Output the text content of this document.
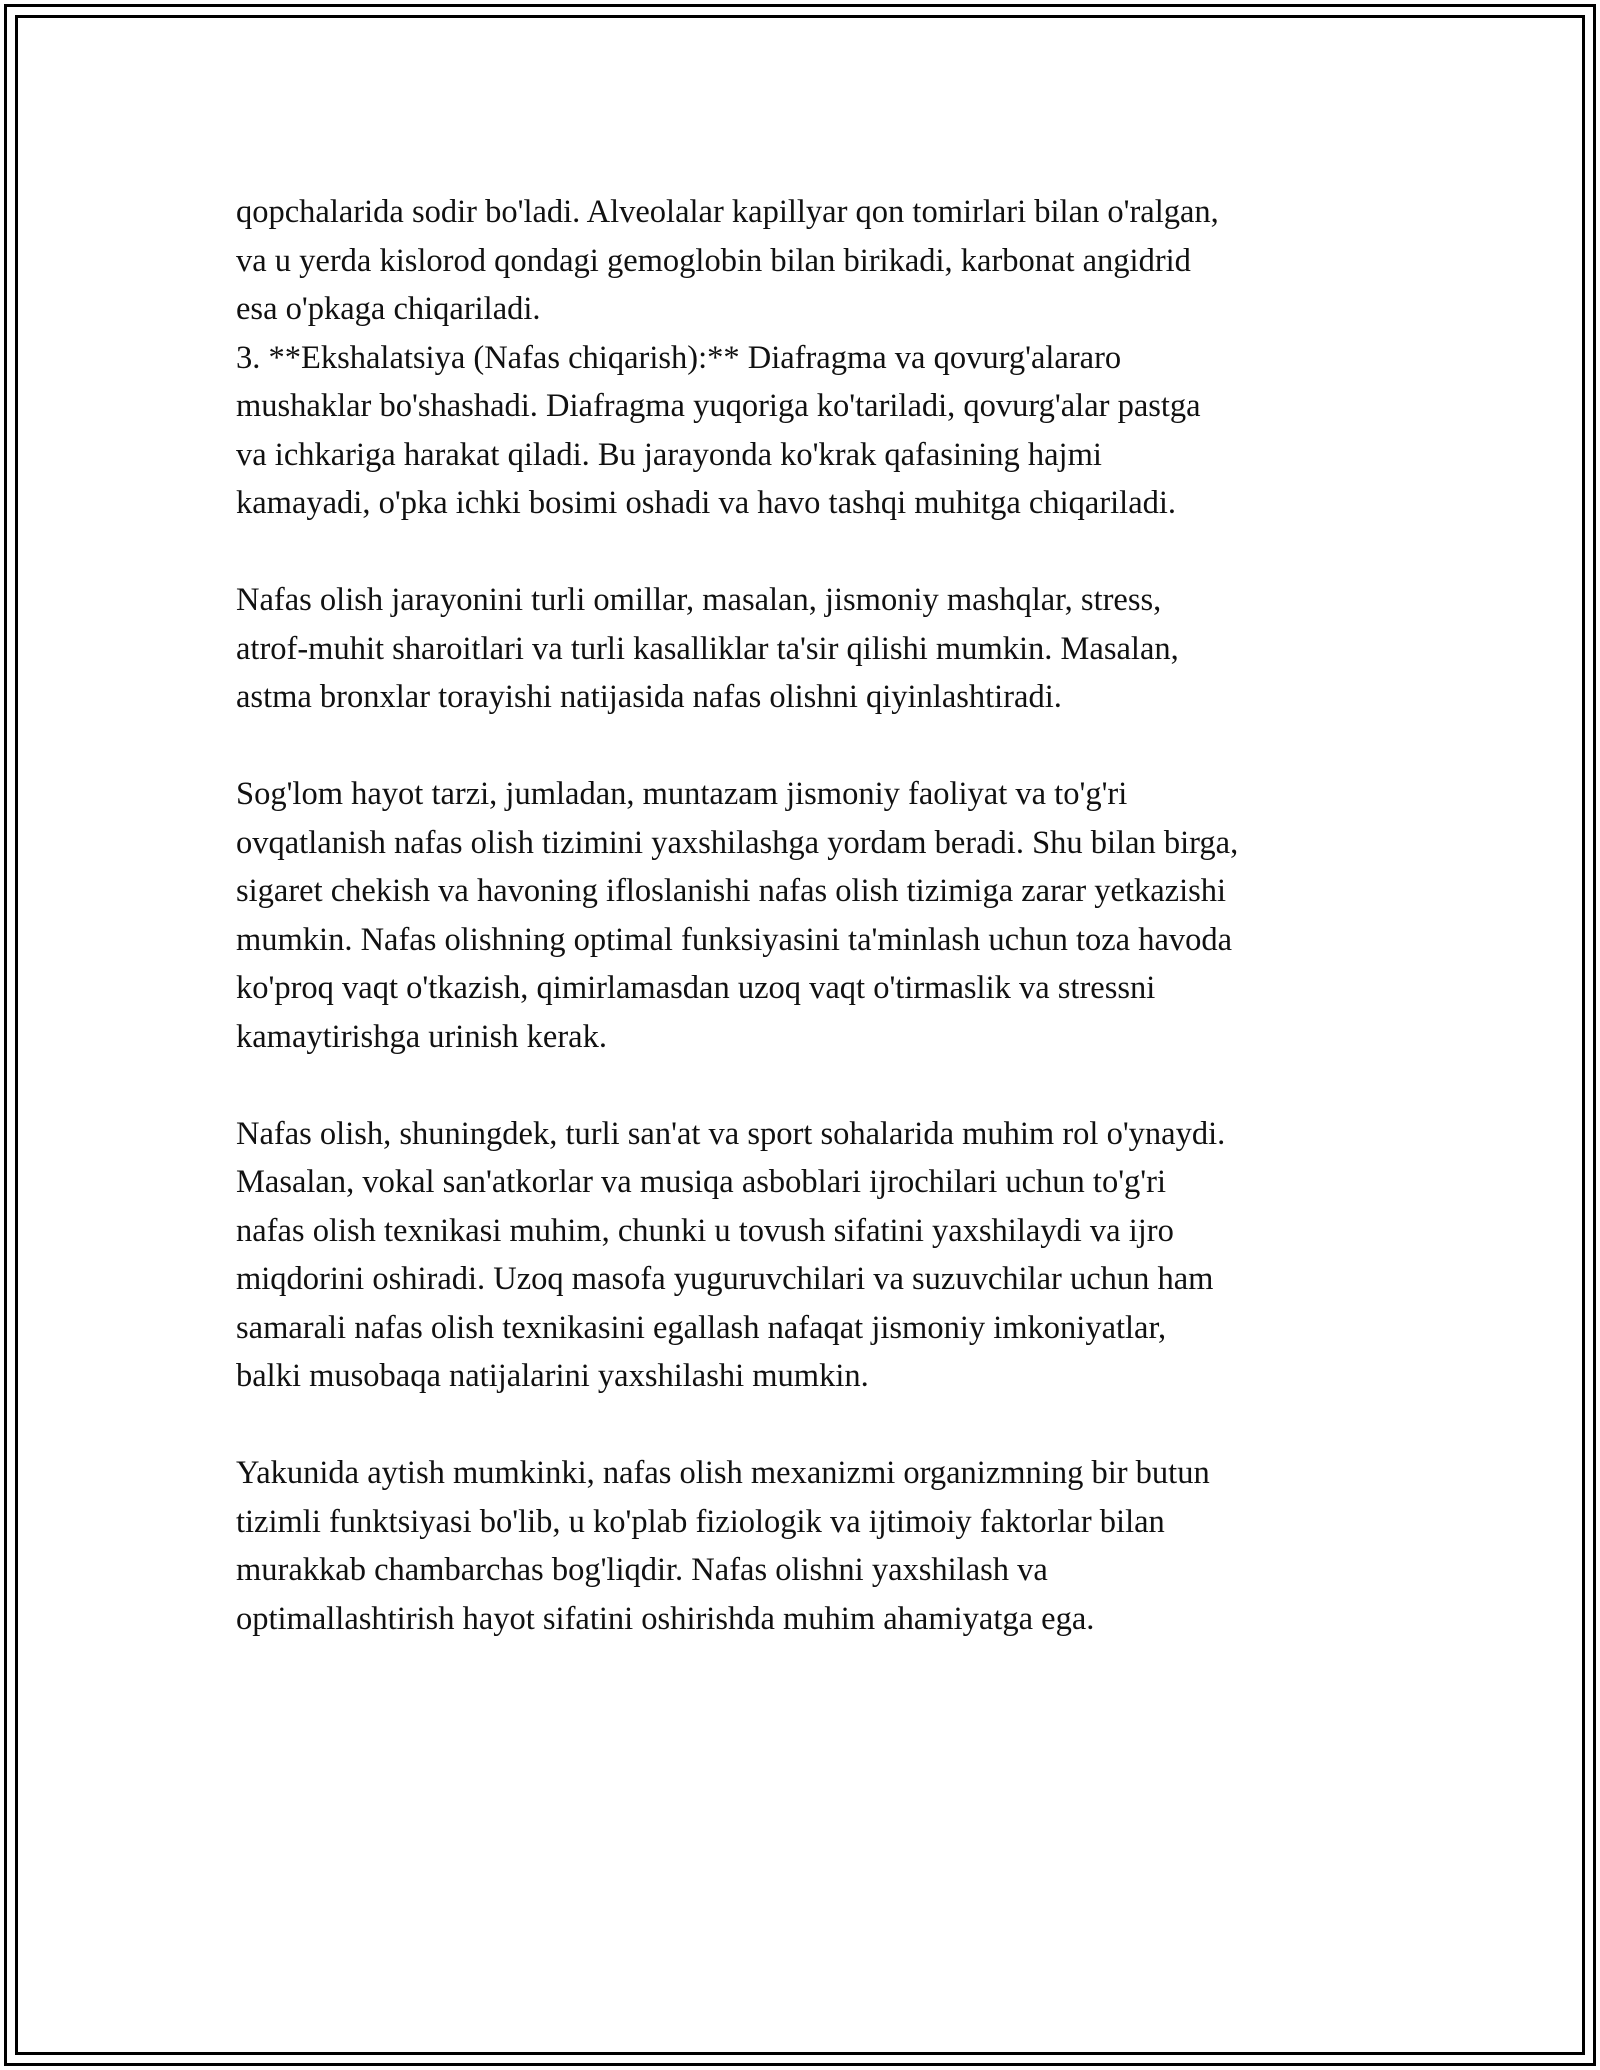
qopchalarida sodir bo'ladi. Alveolalar kapillyar qon tomirlari bilan o'ralgan,
va u yerda kislorod qondagi gemoglobin bilan birikadi, karbonat angidrid
esa o'pkaga chiqariladi.
3. **Ekshalatsiya (Nafas chiqarish):** Diafragma va qovurg'alararo
mushaklar bo'shashadi. Diafragma yuqoriga ko'tariladi, qovurg'alar pastga
va ichkariga harakat qiladi. Bu jarayonda ko'krak qafasining hajmi
kamayadi, o'pka ichki bosimi oshadi va havo tashqi muhitga chiqariladi.
Nafas olish jarayonini turli omillar, masalan, jismoniy mashqlar, stress,
atrof-muhit sharoitlari va turli kasalliklar ta'sir qilishi mumkin. Masalan,
astma bronxlar torayishi natijasida nafas olishni qiyinlashtiradi.
Sog'lom hayot tarzi, jumladan, muntazam jismoniy faoliyat va to'g'ri
ovqatlanish nafas olish tizimini yaxshilashga yordam beradi. Shu bilan birga,
sigaret chekish va havoning ifloslanishi nafas olish tizimiga zarar yetkazishi
mumkin. Nafas olishning optimal funksiyasini ta'minlash uchun toza havoda
ko'proq vaqt o'tkazish, qimirlamasdan uzoq vaqt o'tirmaslik va stressni
kamaytirishga urinish kerak.
Nafas olish, shuningdek, turli san'at va sport sohalarida muhim rol o'ynaydi.
Masalan, vokal san'atkorlar va musiqa asboblari ijrochilari uchun to'g'ri
nafas olish texnikasi muhim, chunki u tovush sifatini yaxshilaydi va ijro
miqdorini oshiradi. Uzoq masofa yuguruvchilari va suzuvchilar uchun ham
samarali nafas olish texnikasini egallash nafaqat jismoniy imkoniyatlar,
balki musobaqa natijalarini yaxshilashi mumkin.
Yakunida aytish mumkinki, nafas olish mexanizmi organizmning bir butun
tizimli funktsiyasi bo'lib, u ko'plab fiziologik va ijtimoiy faktorlar bilan
murakkab chambarchas bog'liqdir. Nafas olishni yaxshilash va
optimallashtirish hayot sifatini oshirishda muhim ahamiyatga ega.
